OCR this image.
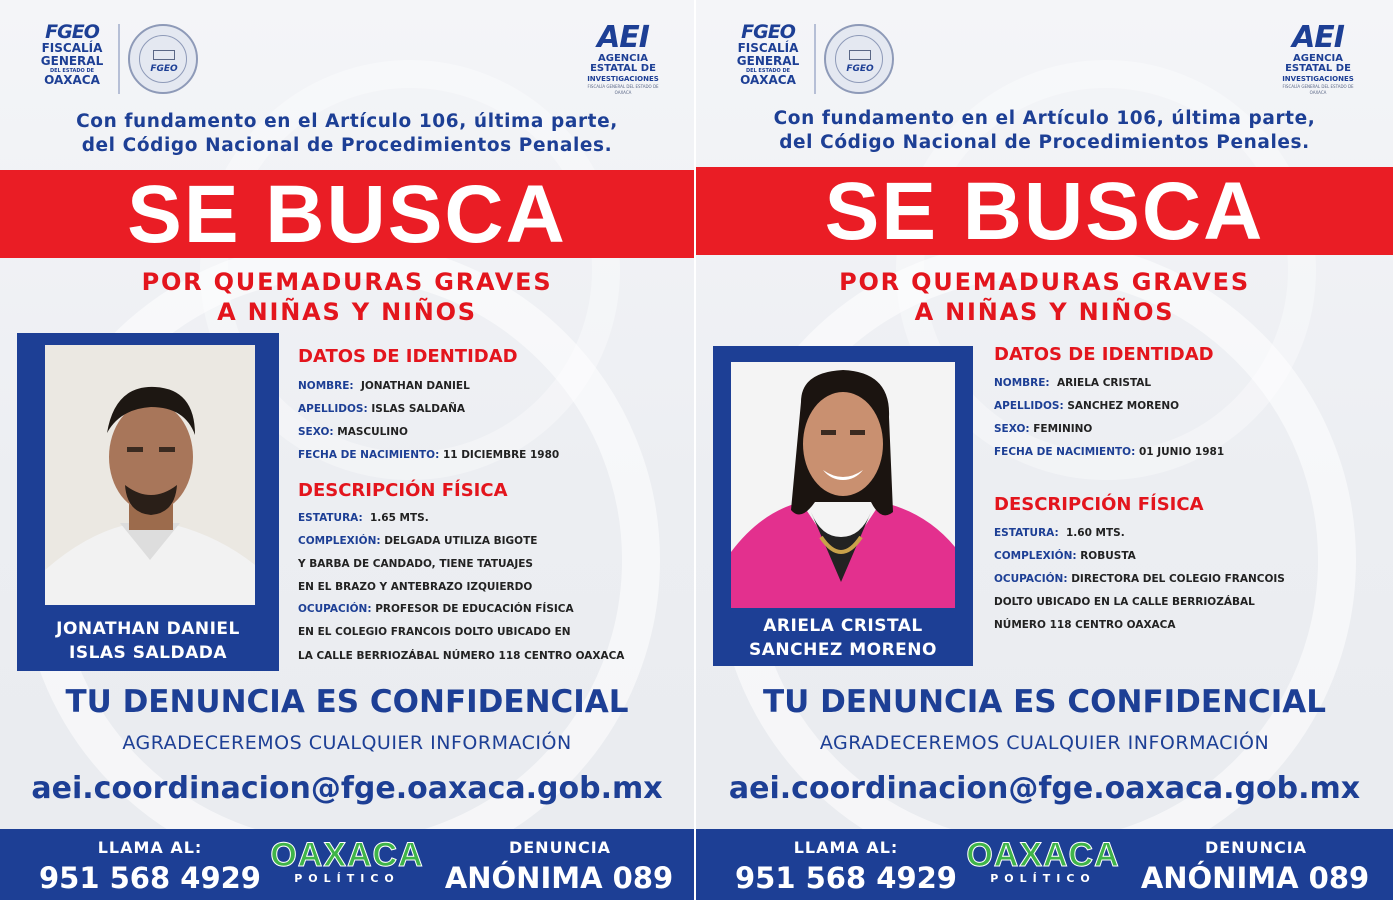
FGEO
FISCALÍA
GENERAL
DEL ESTADO DE
OAXACA
FGEO
AEI
AGENCIA
ESTATAL DE
INVESTIGACIONES
FISCALÍA GENERAL DEL ESTADO DE OAXACA
Con fundamento en el Artículo 106, última parte,
del Código Nacional de Procedimientos Penales.
SE BUSCA
POR QUEMADURAS GRAVES
A NIÑAS Y NIÑOS
JONATHAN DANIEL
ISLAS SALDADA
DATOS DE IDENTIDAD
NOMBRE: JONATHAN DANIEL
APELLIDOS: ISLAS SALDAÑA
SEXO: MASCULINO
FECHA DE NACIMIENTO: 11 DICIEMBRE 1980
DESCRIPCIÓN FÍSICA
ESTATURA: 1.65 MTS.
COMPLEXIÓN: DELGADA UTILIZA BIGOTE
Y BARBA DE CANDADO, TIENE TATUAJES
EN EL BRAZO Y ANTEBRAZO IZQUIERDO
OCUPACIÓN: PROFESOR DE EDUCACIÓN FÍSICA
EN EL COLEGIO FRANCOIS DOLTO UBICADO EN
LA CALLE BERRIOZÁBAL NÚMERO 118 CENTRO OAXACA
TU DENUNCIA ES CONFIDENCIAL
AGRADECEREMOS CUALQUIER INFORMACIÓN
aei.coordinacion@fge.oaxaca.gob.mx
LLAMA AL:
951 568 4929
DENUNCIA
ANÓNIMA 089
OAXACA
POLÍTICO
FGEO
FISCALÍA
GENERAL
DEL ESTADO DE
OAXACA
FGEO
AEI
AGENCIA
ESTATAL DE
INVESTIGACIONES
FISCALÍA GENERAL DEL ESTADO DE OAXACA
Con fundamento en el Artículo 106, última parte,
del Código Nacional de Procedimientos Penales.
SE BUSCA
POR QUEMADURAS GRAVES
A NIÑAS Y NIÑOS
ARIELA CRISTAL
SANCHEZ MORENO
DATOS DE IDENTIDAD
NOMBRE: ARIELA CRISTAL
APELLIDOS: SANCHEZ MORENO
SEXO: FEMININO
FECHA DE NACIMIENTO: 01 JUNIO 1981
DESCRIPCIÓN FÍSICA
ESTATURA: 1.60 MTS.
COMPLEXIÓN: ROBUSTA
OCUPACIÓN: DIRECTORA DEL COLEGIO FRANCOIS
DOLTO UBICADO EN LA CALLE BERRIOZÁBAL
NÚMERO 118 CENTRO OAXACA
TU DENUNCIA ES CONFIDENCIAL
AGRADECEREMOS CUALQUIER INFORMACIÓN
aei.coordinacion@fge.oaxaca.gob.mx
LLAMA AL:
951 568 4929
DENUNCIA
ANÓNIMA 089
OAXACA
POLÍTICO
